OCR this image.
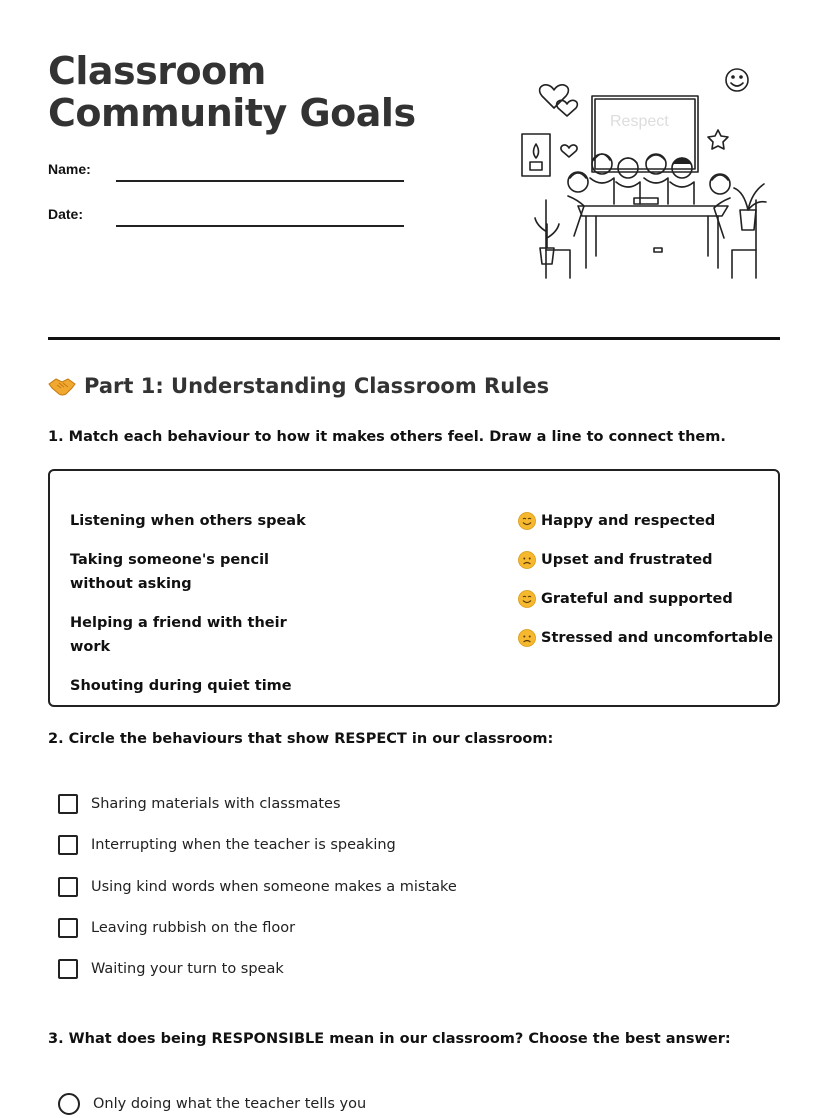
Classroom Community Goals
Name:
Date:
Respect
Part 1: Understanding Classroom Rules
1. Match each behaviour to how it makes others feel. Draw a line to connect them.
Listening when others speak
Taking someone's pencil without asking
Helping a friend with their work
Shouting during quiet time
Happy and respected
Upset and frustrated
Grateful and supported
Stressed and uncomfortable
2. Circle the behaviours that show RESPECT in our classroom:
Sharing materials with classmates
Interrupting when the teacher is speaking
Using kind words when someone makes a mistake
Leaving rubbish on the floor
Waiting your turn to speak
3. What does being RESPONSIBLE mean in our classroom? Choose the best answer:
Only doing what the teacher tells you
